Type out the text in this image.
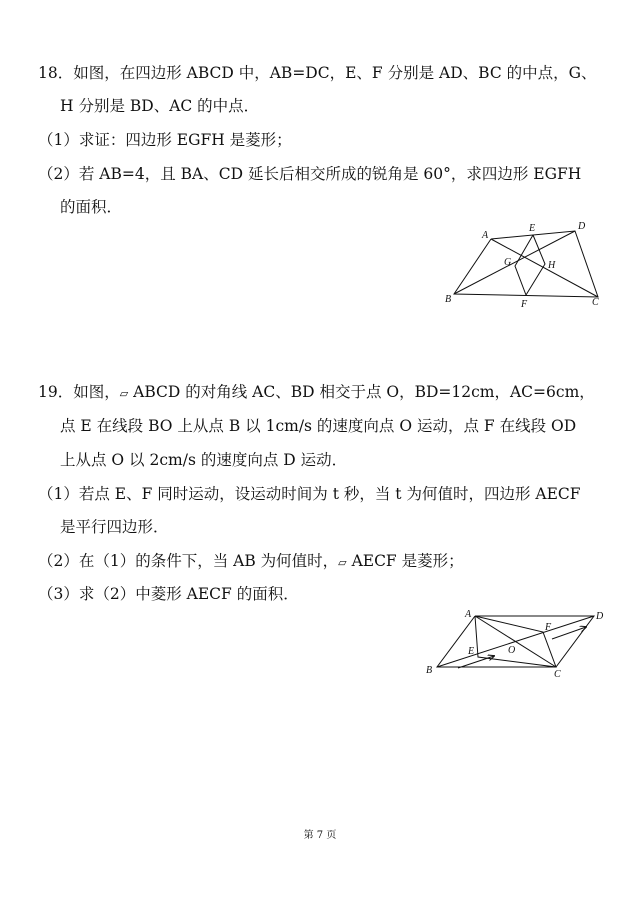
18．如图，在四边形 ABCD 中，AB=DC，E、F 分别是 AD、BC 的中点，G、
H 分别是 BD、AC 的中点．
（1）求证：四边形 EGFH 是菱形；
（2）若 AB=4，且 BA、CD 延长后相交所成的锐角是 60°，求四边形 EGFH
的面积．
A
E	D
G	H
B	F	C
19．如图，▱ ABCD 的对角线 AC、BD 相交于点 O，BD=12cm，AC=6cm，
点 E 在线段 BO 上从点 B 以 1cm/s 的速度向点 O 运动，点 F 在线段 OD
上从点 O 以 2cm/s 的速度向点 D 运动．
（1）若点 E、F 同时运动，设运动时间为 t 秒，当 t 为何值时，四边形 AECF
是平行四边形．
（2）在（1）的条件下，当 AB 为何值时，▱ AECF 是菱形；
（3）求（2）中菱形 AECF 的面积．
A
F
D
E	O
B	C
第 7 页
